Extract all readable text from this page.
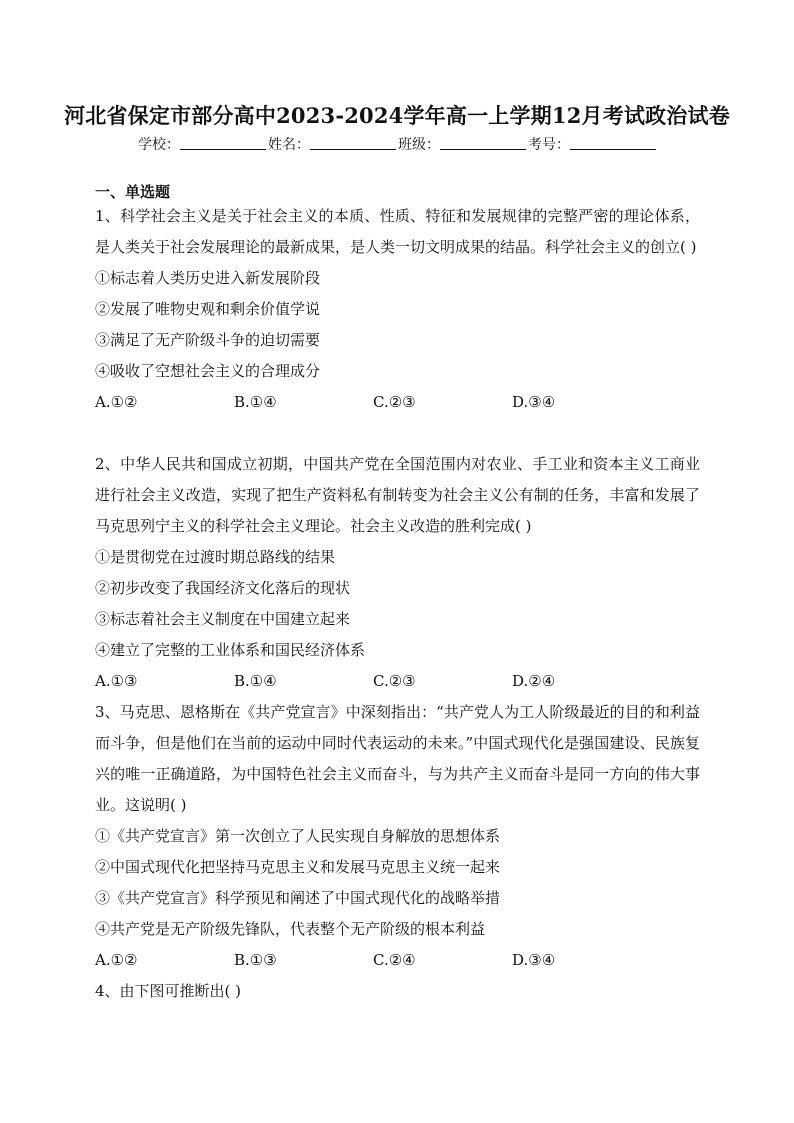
河北省保定市部分高中2023-2024学年高一上学期12月考试政治试卷
学校：	姓名：	班级：	考号：
一、单选题

1、科学社会主义是关于社会主义的本质、性质、特征和发展规律的完整严密的理论体系，是人类关于社会发展理论的最新成果，是人类一切文明成果的结晶。科学社会主义的创立( )

①标志着人类历史进入新发展阶段

②发展了唯物史观和剩余价值学说

③满足了无产阶级斗争的迫切需要

④吸收了空想社会主义的合理成分

A.①②	B.①④	C.②③	D.③④

2、中华人民共和国成立初期，中国共产党在全国范围内对农业、手工业和资本主义工商业进行社会主义改造，实现了把生产资料私有制转变为社会主义公有制的任务，丰富和发展了马克思列宁主义的科学社会主义理论。社会主义改造的胜利完成( )

①是贯彻党在过渡时期总路线的结果

②初步改变了我国经济文化落后的现状

③标志着社会主义制度在中国建立起来

④建立了完整的工业体系和国民经济体系

A.①③	B.①④	C.②③	D.②④

3、马克思、恩格斯在《共产党宣言》中深刻指出：“共产党人为工人阶级最近的目的和利益而斗争，但是他们在当前的运动中同时代表运动的未来。”中国式现代化是强国建设、民族复兴的唯一正确道路，为中国特色社会主义而奋斗，与为共产主义而奋斗是同一方向的伟大事业。这说明( )

①《共产党宣言》第一次创立了人民实现自身解放的思想体系

②中国式现代化把坚持马克思主义和发展马克思主义统一起来

③《共产党宣言》科学预见和阐述了中国式现代化的战略举措

④共产党是无产阶级先锋队，代表整个无产阶级的根本利益

A.①②	B.①③	C.②④	D.③④

4、由下图可推断出( )
